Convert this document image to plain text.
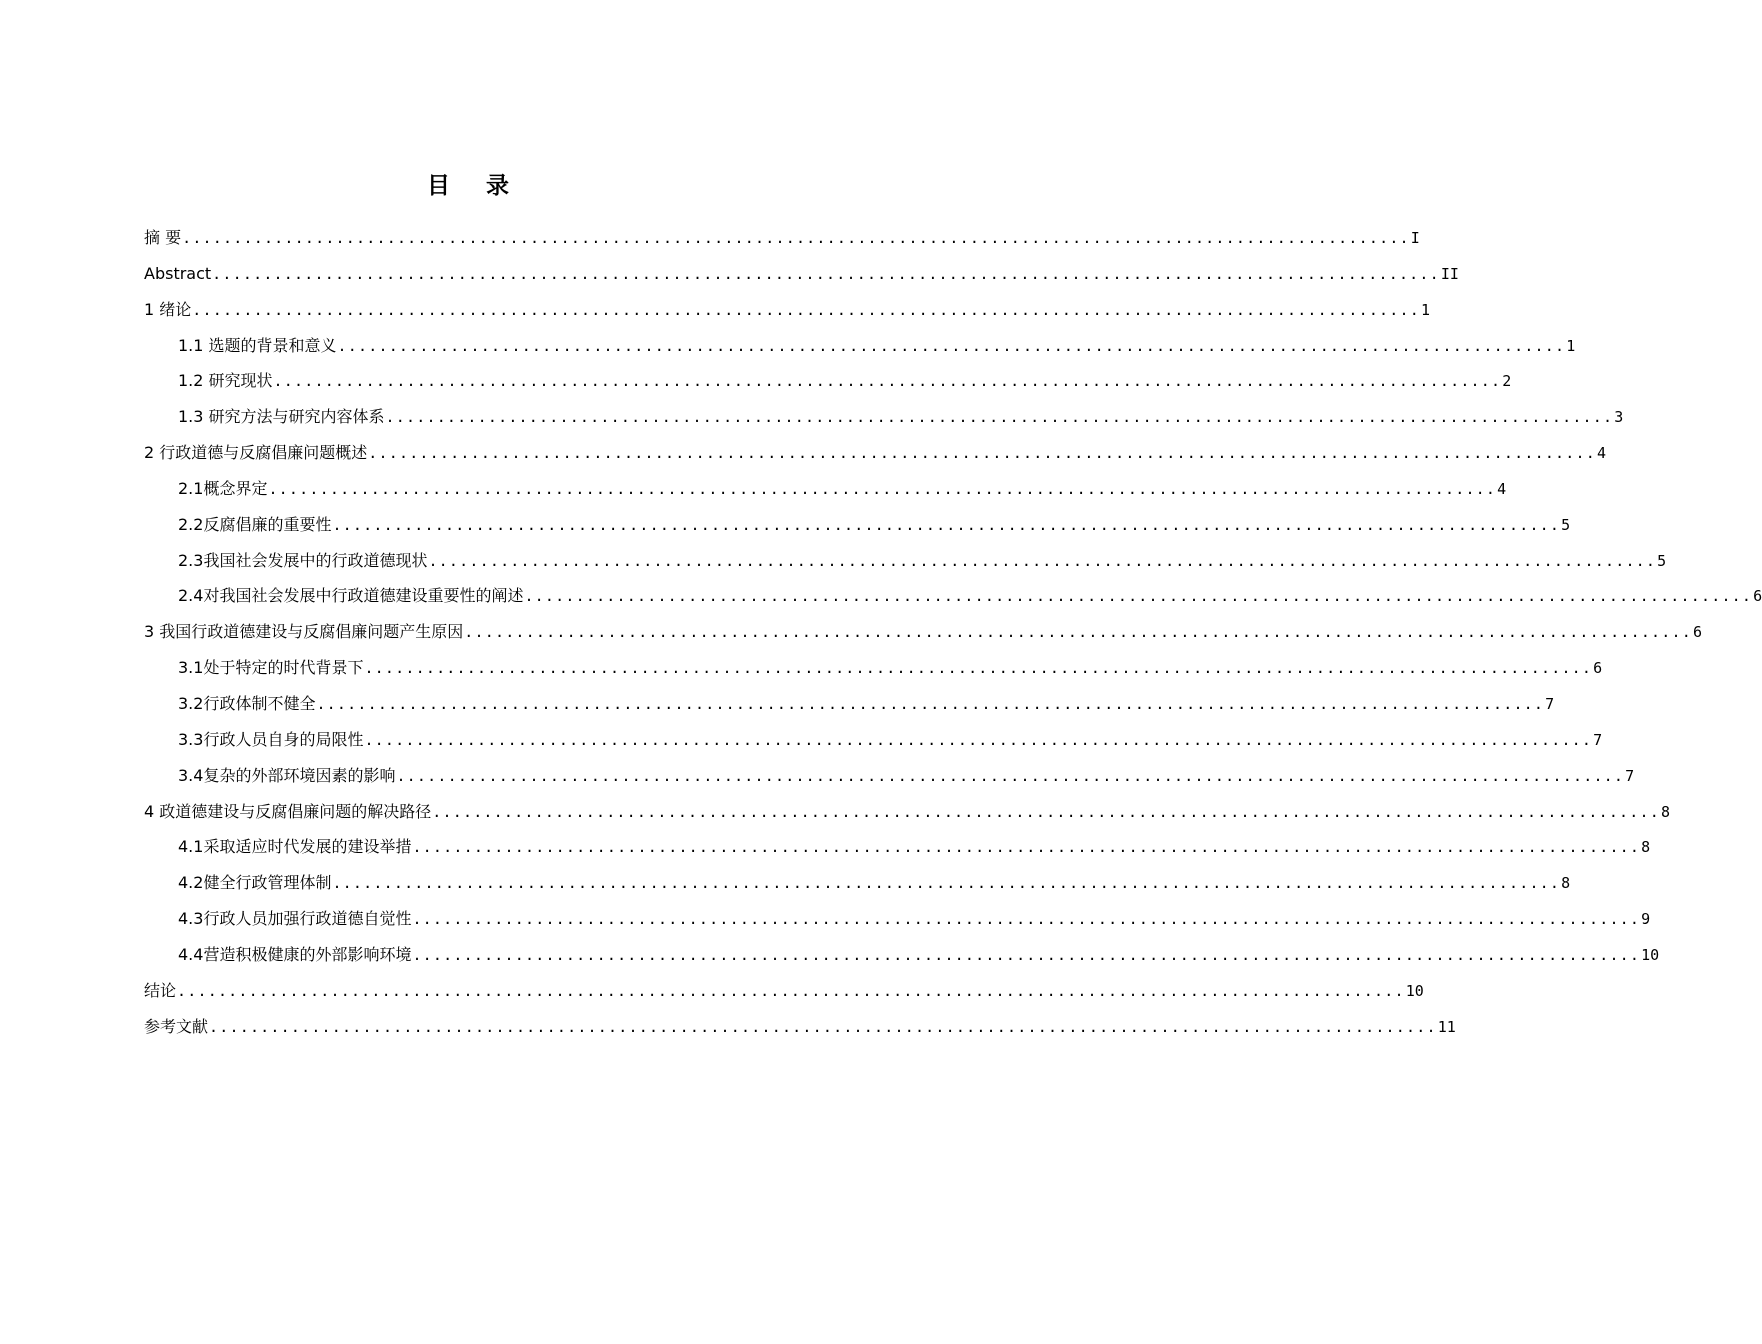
目 录
摘 要 ........................................................................................................................ I
Abstract ........................................................................................................................ II
1 绪论 ........................................................................................................................ 1
1.1 选题的背景和意义 ........................................................................................................................ 1
1.2 研究现状 ........................................................................................................................ 2
1.3 研究方法与研究内容体系 ........................................................................................................................ 3
2 行政道德与反腐倡廉问题概述 ........................................................................................................................ 4
2.1概念界定 ........................................................................................................................ 4
2.2反腐倡廉的重要性 ........................................................................................................................ 5
2.3我国社会发展中的行政道德现状 ........................................................................................................................ 5
2.4对我国社会发展中行政道德建设重要性的阐述 ........................................................................................................................ 6
3 我国行政道德建设与反腐倡廉问题产生原因 ........................................................................................................................ 6
3.1处于特定的时代背景下 ........................................................................................................................ 6
3.2行政体制不健全 ........................................................................................................................ 7
3.3行政人员自身的局限性 ........................................................................................................................ 7
3.4复杂的外部环境因素的影响 ........................................................................................................................ 7
4 政道德建设与反腐倡廉问题的解决路径 ........................................................................................................................ 8
4.1采取适应时代发展的建设举措 ........................................................................................................................ 8
4.2健全行政管理体制 ........................................................................................................................ 8
4.3行政人员加强行政道德自觉性 ........................................................................................................................ 9
4.4营造积极健康的外部影响环境 ........................................................................................................................ 10
结论 ........................................................................................................................ 10
参考文献 ........................................................................................................................ 11
